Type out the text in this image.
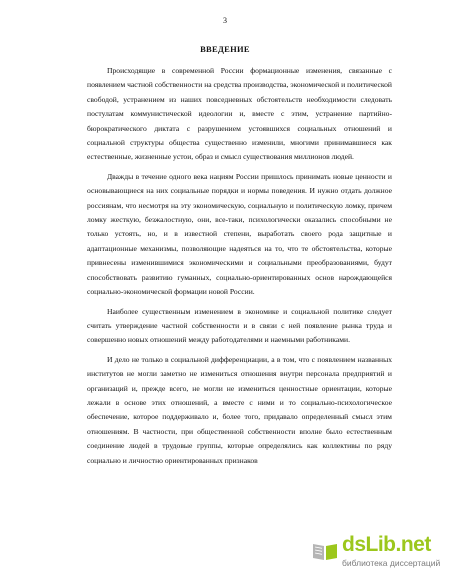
3
ВВЕДЕНИЕ

Происходящие в современной России формационные изменения, связанные с появлением частной собственности на средства производства, экономической и политической свободой, устранением из наших повседневных обстоятельств необходимости следовать постулатам коммунистической идеологии и, вместе с этим, устранение партийно-бюрократического диктата с разрушением устоявшихся социальных отношений и социальной структуры общества существенно изменили, многими принимавшиеся как естественные, жизненные устои, образ и смысл существования миллионов людей.

Дважды в течение одного века нациям России пришлось принимать новые ценности и основывающиеся на них социальные порядки и нормы поведения. И нужно отдать должное россиянам, что несмотря на эту экономическую, социальную и политическую ломку, причем ломку жесткую, безжалостную, они, все-таки, психологически оказались способными не только устоять, но, и в известной степени, выработать своего рода защитные и адаптационные механизмы, позволяющие надеяться на то, что те обстоятельства, которые привнесены изменившимися экономическими и социальными преобразованиями, будут способствовать развитию гуманных, социально-ориентированных основ нарождающейся социально-экономической формации новой России.

Наиболее существенным изменением в экономике и социальной политике следует считать утверждение частной собственности и в связи с ней появление рынка труда и совершенно новых отношений между работодателями и наемными работниками.

И дело не только в социальной дифференциации, а в том, что с появлением названных институтов не могли заметно не измениться отношения внутри персонала предприятий и организаций и, прежде всего, не могли не измениться ценностные ориентации, которые лежали в основе этих отношений, а вместе с ними и то социально-психологическое обеспечение, которое поддерживало и, более того, придавало определенный смысл этим отношениям. В частности, при общественной собственности вполне было естественным соединение людей в трудовые группы, которые определялись как коллективы по ряду социально и личностно ориентированных признаков

dsLib.net
библиотека диссертаций
